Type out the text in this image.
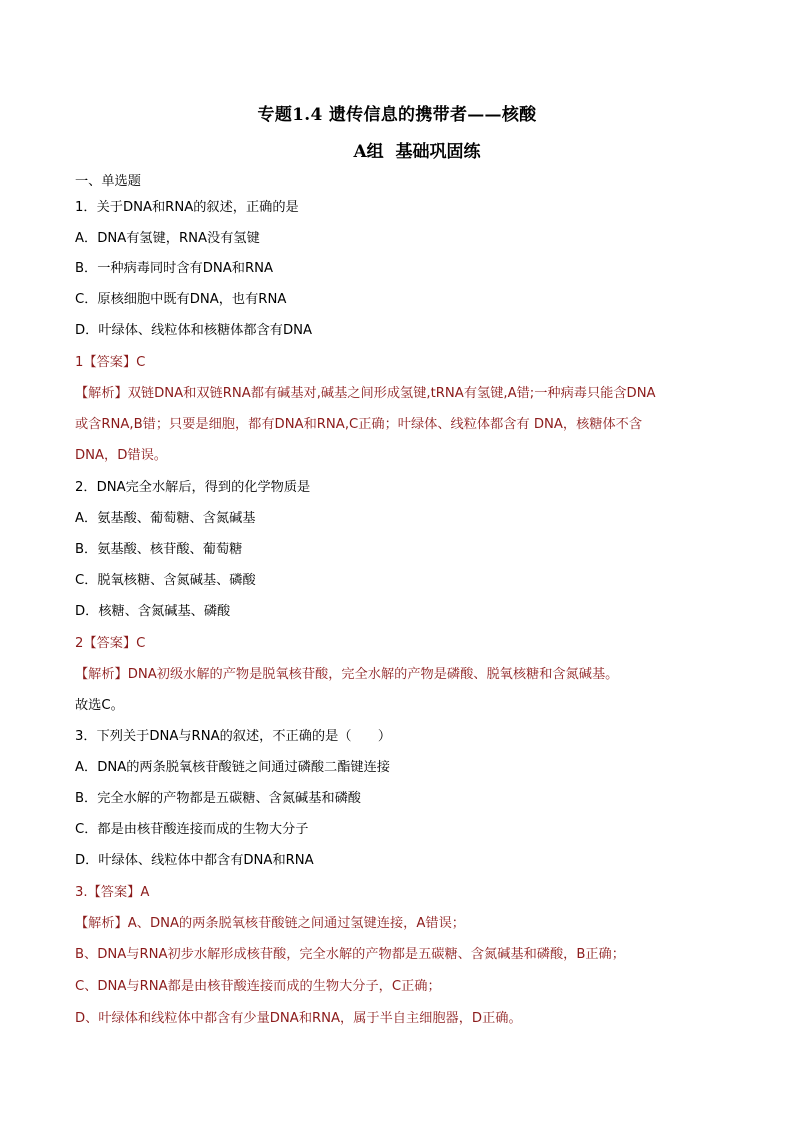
专题1.4 遗传信息的携带者——核酸
A组 基础巩固练
一、单选题
1．关于DNA和RNA的叙述，正确的是
A．DNA有氢键，RNA没有氢键
B．一种病毒同时含有DNA和RNA
C．原核细胞中既有DNA，也有RNA
D．叶绿体、线粒体和核糖体都含有DNA
1【答案】C
【解析】双链DNA和双链RNA都有碱基对,碱基之间形成氢键,tRNA有氢键,A错;一种病毒只能含DNA
或含RNA,B错；只要是细胞，都有DNA和RNA,C正确；叶绿体、线粒体都含有 DNA，核糖体不含
DNA，D错误。
2．DNA完全水解后，得到的化学物质是
A．氨基酸、葡萄糖、含氮碱基
B．氨基酸、核苷酸、葡萄糖
C．脱氧核糖、含氮碱基、磷酸
D．核糖、含氮碱基、磷酸
2【答案】C
【解析】DNA初级水解的产物是脱氧核苷酸，完全水解的产物是磷酸、脱氧核糖和含氮碱基。
故选C。
3．下列关于DNA与RNA的叙述，不正确的是（　　）
A．DNA的两条脱氧核苷酸链之间通过磷酸二酯键连接
B．完全水解的产物都是五碳糖、含氮碱基和磷酸
C．都是由核苷酸连接而成的生物大分子
D．叶绿体、线粒体中都含有DNA和RNA
3.【答案】A
【解析】A、DNA的两条脱氧核苷酸链之间通过氢键连接，A错误；
B、DNA与RNA初步水解形成核苷酸，完全水解的产物都是五碳糖、含氮碱基和磷酸，B正确；
C、DNA与RNA都是由核苷酸连接而成的生物大分子，C正确；
D、叶绿体和线粒体中都含有少量DNA和RNA，属于半自主细胞器，D正确。
